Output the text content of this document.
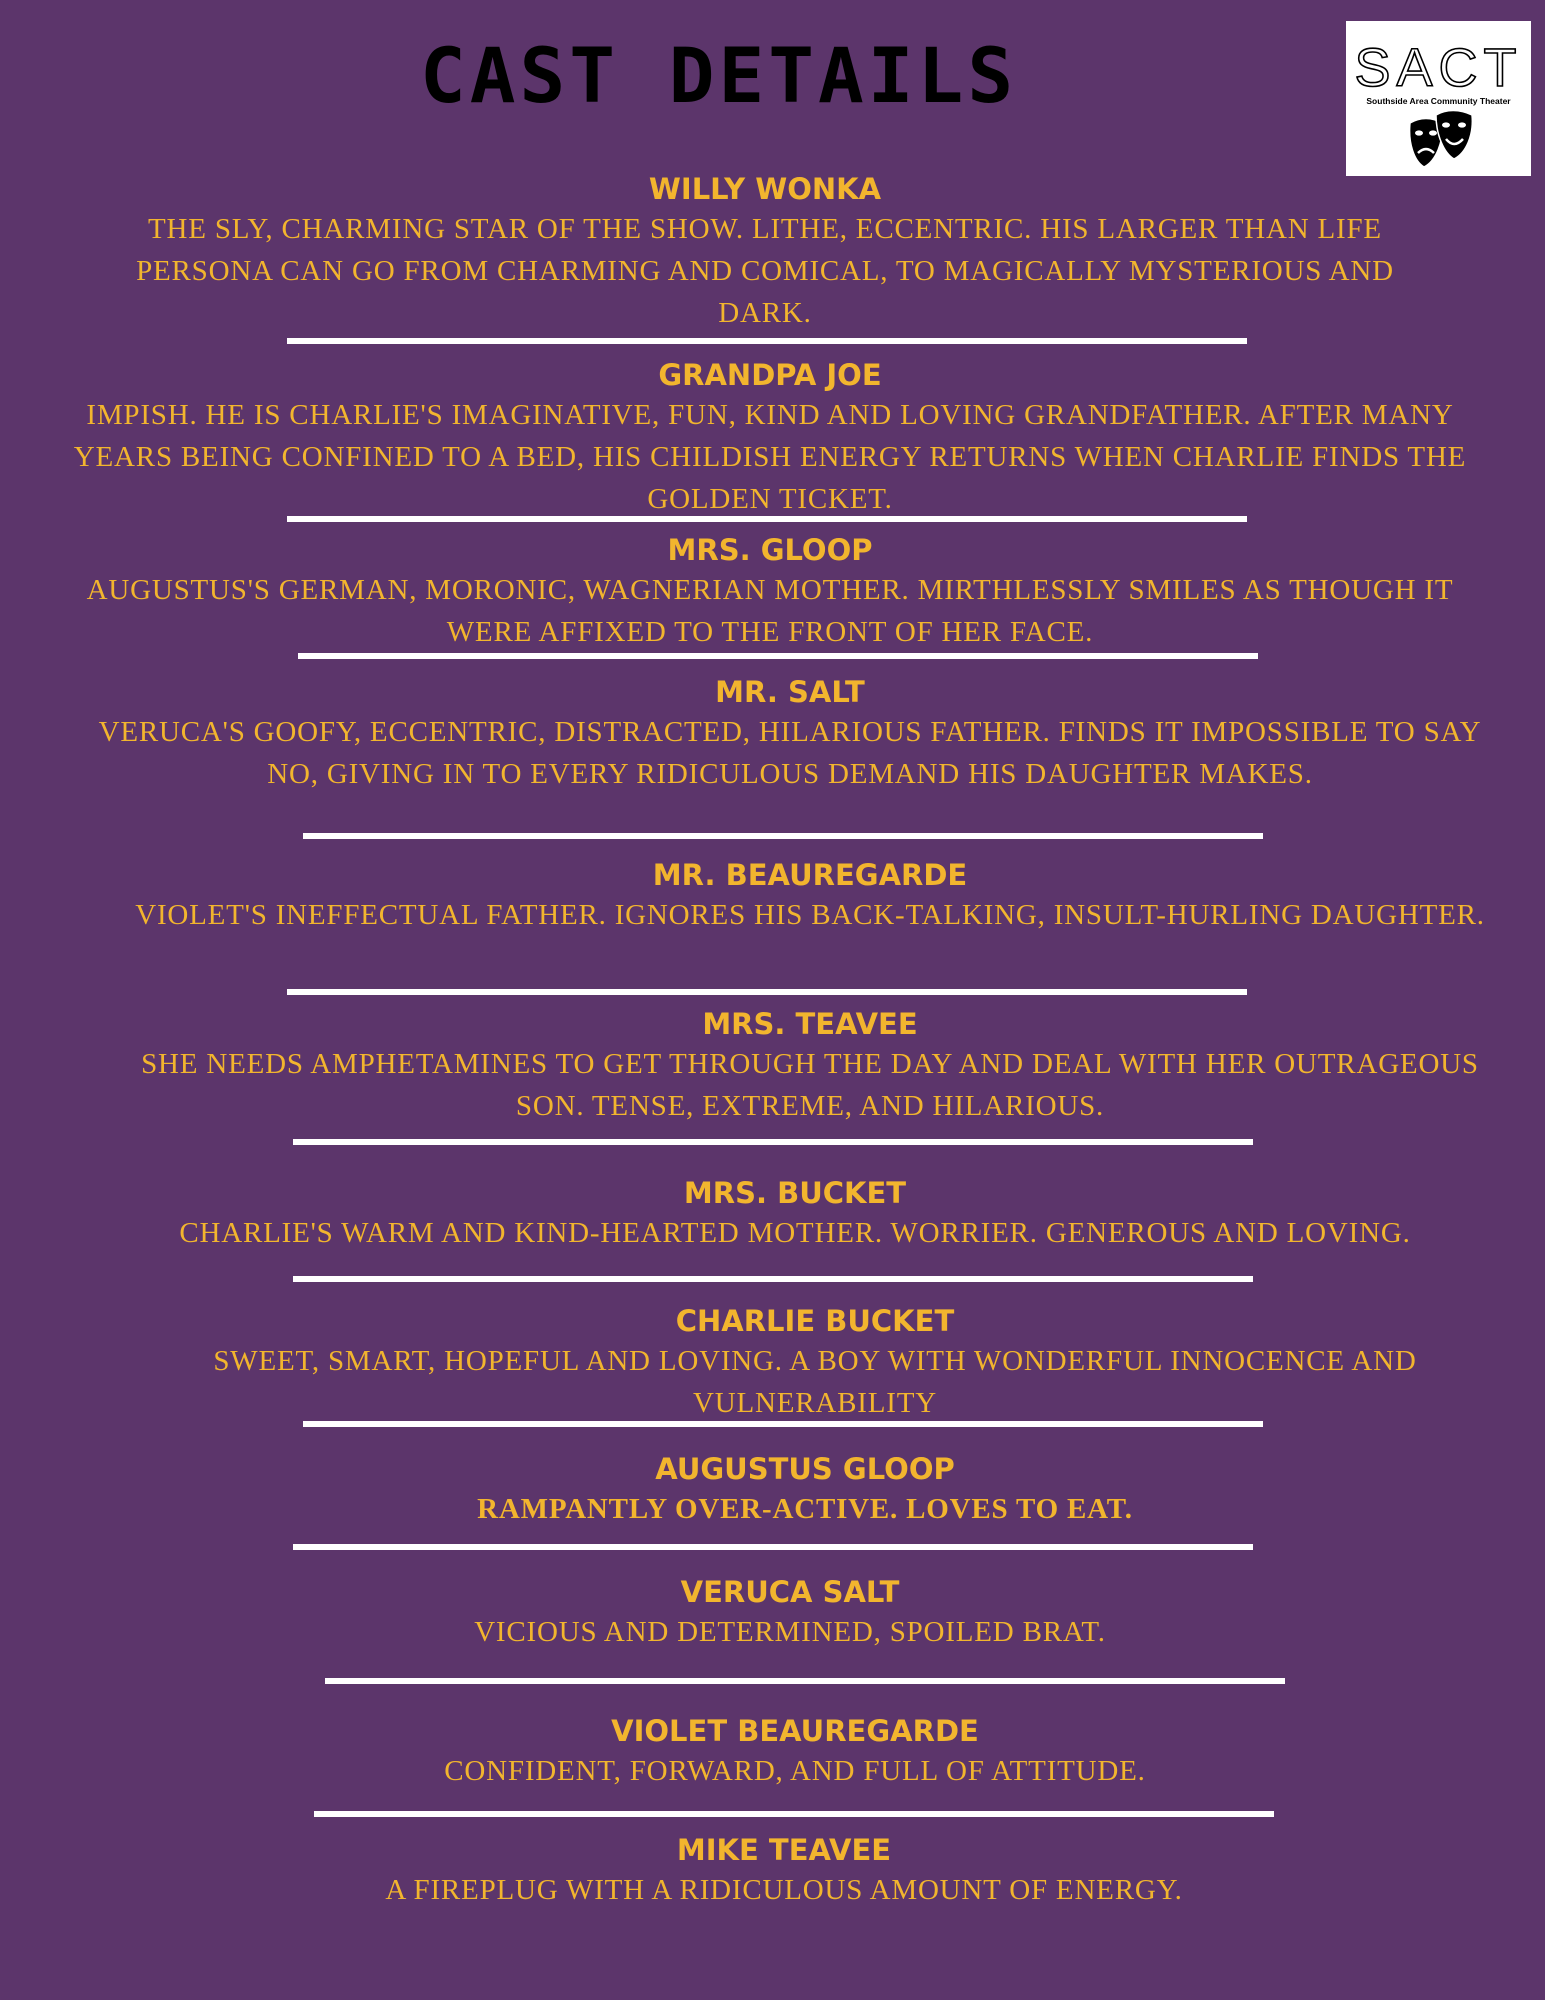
CAST DETAILS	SACT
Southside Area Community Theater
WILLY WONKA

THE SLY, CHARMING STAR OF THE SHOW. LITHE, ECCENTRIC. HIS LARGER THAN LIFE PERSONA CAN GO FROM CHARMING AND COMICAL, TO MAGICALLY MYSTERIOUS AND DARK.

GRANDPA JOE

IMPISH. HE IS CHARLIE'S IMAGINATIVE, FUN, KIND AND LOVING GRANDFATHER. AFTER MANY YEARS BEING CONFINED TO A BED, HIS CHILDISH ENERGY RETURNS WHEN CHARLIE FINDS THE GOLDEN TICKET.

MRS. GLOOP

AUGUSTUS'S GERMAN, MORONIC, WAGNERIAN MOTHER. MIRTHLESSLY SMILES AS THOUGH IT WERE AFFIXED TO THE FRONT OF HER FACE.

MR. SALT

VERUCA'S GOOFY, ECCENTRIC, DISTRACTED, HILARIOUS FATHER. FINDS IT IMPOSSIBLE TO SAY NO, GIVING IN TO EVERY RIDICULOUS DEMAND HIS DAUGHTER MAKES.

MR. BEAUREGARDE

VIOLET'S INEFFECTUAL FATHER. IGNORES HIS BACK-TALKING, INSULT-HURLING DAUGHTER.

MRS. TEAVEE

SHE NEEDS AMPHETAMINES TO GET THROUGH THE DAY AND DEAL WITH HER OUTRAGEOUS SON. TENSE, EXTREME, AND HILARIOUS.

MRS. BUCKET

CHARLIE'S WARM AND KIND-HEARTED MOTHER. WORRIER. GENEROUS AND LOVING.

CHARLIE BUCKET

SWEET, SMART, HOPEFUL AND LOVING. A BOY WITH WONDERFUL INNOCENCE AND VULNERABILITY

AUGUSTUS GLOOP

RAMPANTLY OVER-ACTIVE. LOVES TO EAT.

VERUCA SALT

VICIOUS AND DETERMINED, SPOILED BRAT.

VIOLET BEAUREGARDE

CONFIDENT, FORWARD, AND FULL OF ATTITUDE.

MIKE TEAVEE

A FIREPLUG WITH A RIDICULOUS AMOUNT OF ENERGY.
